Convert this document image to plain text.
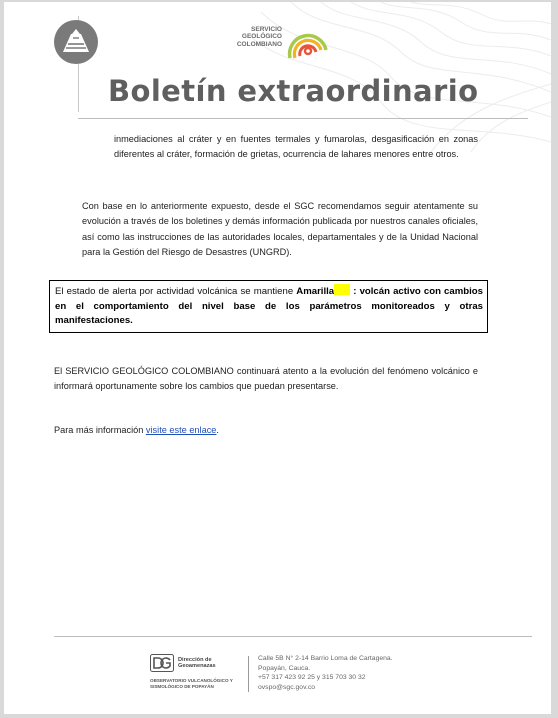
SERVICIO
GEOLÓGICO
COLOMBIANO
Boletín extraordinario
inmediaciones al cráter y en fuentes termales y fumarolas, desgasificación en zonas diferentes al cráter, formación de grietas, ocurrencia de lahares menores entre otros.
Con base en lo anteriormente expuesto, desde el SGC recomendamos seguir atentamente su evolución a través de los boletines y demás información publicada por nuestros canales oficiales, así como las instrucciones de las autoridades locales, departamentales y de la Unidad Nacional para la Gestión del Riesgo de Desastres (UNGRD).
El estado de alerta por actividad volcánica se mantiene Amarilla : volcán activo con cambios en el comportamiento del nivel base de los parámetros monitoreados y otras manifestaciones.
El SERVICIO GEOLÓGICO COLOMBIANO continuará atento a la evolución del fenómeno volcánico e informará oportunamente sobre los cambios que puedan presentarse.
Para más información visite este enlace.
Dirección de
Geoamenazas
OBSERVATORIO VULCANOLÓGICO Y
SISMOLÓGICO DE POPAYÁN
Calle 5B N° 2-14 Barrio Loma de Cartagena.
Popayán, Cauca.
+57 317 423 92 25 y 315 703 30 32
ovspo@sgc.gov.co
